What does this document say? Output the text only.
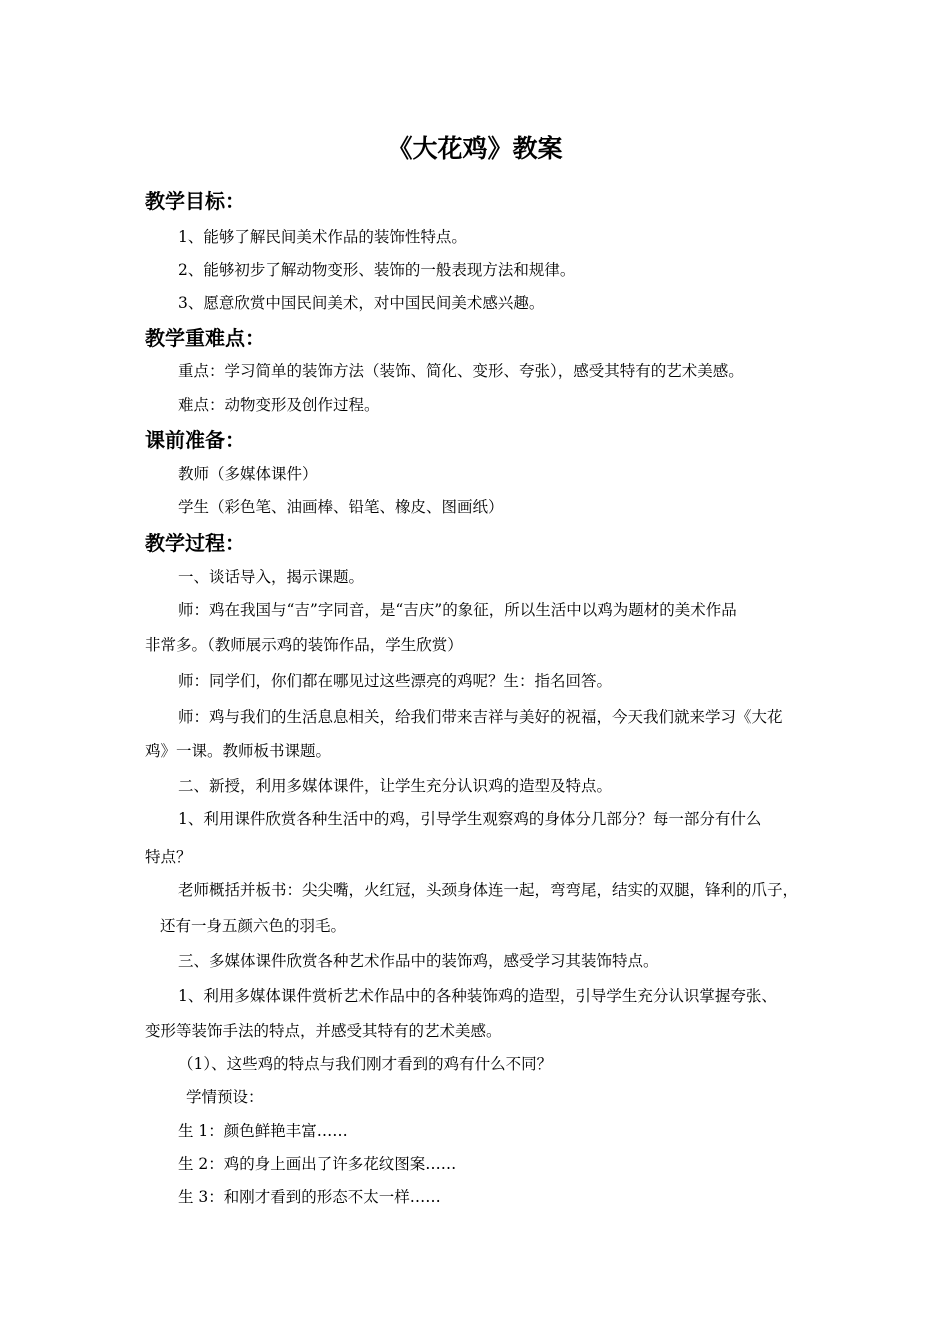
《大花鸡》教案
教学目标：
1、能够了解民间美术作品的装饰性特点。
2、能够初步了解动物变形、装饰的一般表现方法和规律。
3、愿意欣赏中国民间美术，对中国民间美术感兴趣。
教学重难点：
重点：学习简单的装饰方法（装饰、简化、变形、夸张），感受其特有的艺术美感。
难点：动物变形及创作过程。
课前准备：
教师（多媒体课件）
学生（彩色笔、油画棒、铅笔、橡皮、图画纸）
教学过程：
一、谈话导入，揭示课题。
师：鸡在我国与“吉”字同音，是“吉庆”的象征，所以生活中以鸡为题材的美术作品
非常多。（教师展示鸡的装饰作品，学生欣赏）
师：同学们，你们都在哪见过这些漂亮的鸡呢？生：指名回答。
师：鸡与我们的生活息息相关，给我们带来吉祥与美好的祝福，今天我们就来学习《大花
鸡》一课。教师板书课题。
二、新授，利用多媒体课件，让学生充分认识鸡的造型及特点。
1、利用课件欣赏各种生活中的鸡，引导学生观察鸡的身体分几部分？每一部分有什么
特点？
老师概括并板书：尖尖嘴，火红冠，头颈身体连一起，弯弯尾，结实的双腿，锋利的爪子，
还有一身五颜六色的羽毛。
三、多媒体课件欣赏各种艺术作品中的装饰鸡，感受学习其装饰特点。
1、利用多媒体课件赏析艺术作品中的各种装饰鸡的造型，引导学生充分认识掌握夸张、
变形等装饰手法的特点，并感受其特有的艺术美感。
（1）、这些鸡的特点与我们刚才看到的鸡有什么不同？
学情预设：
生 1：颜色鲜艳丰富……
生 2：鸡的身上画出了许多花纹图案……
生 3：和刚才看到的形态不太一样……
